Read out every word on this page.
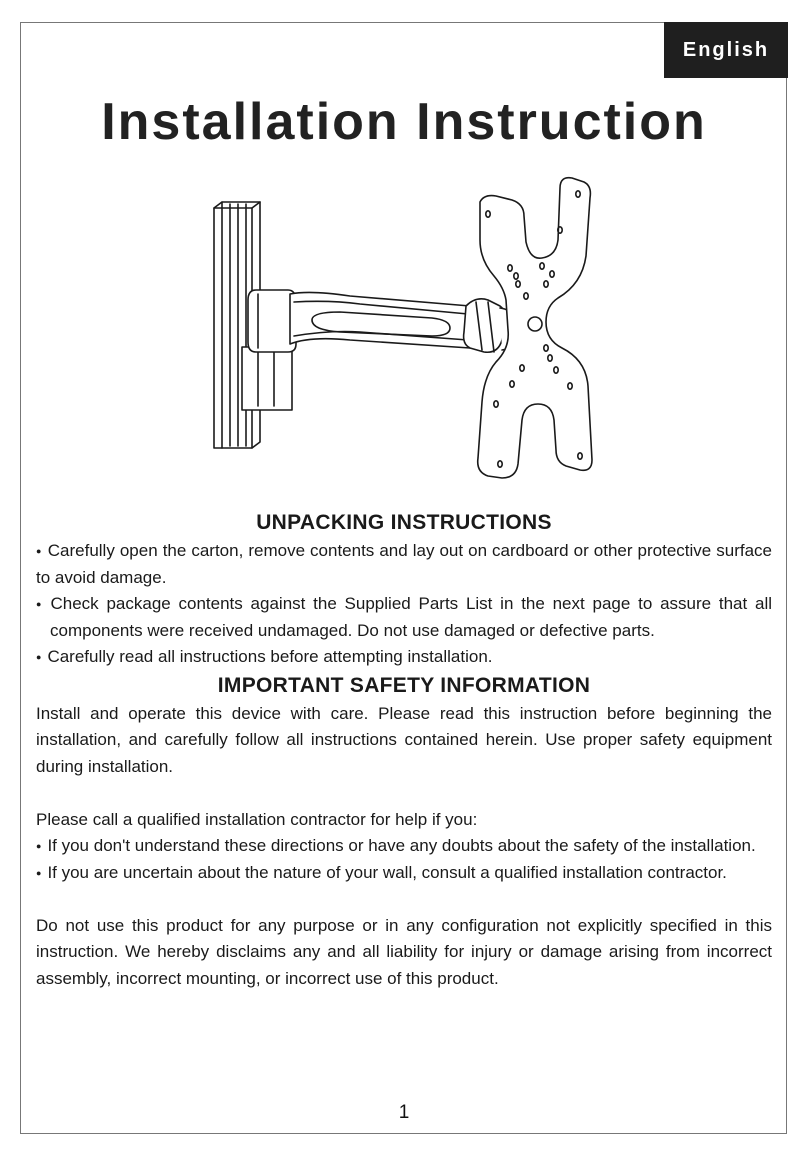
English
Installation Instruction
UNPACKING INSTRUCTIONS

● Carefully open the carton, remove contents and lay out on cardboard or other protective surface to avoid damage.

● Check package contents against the Supplied Parts List in the next page to assure that all components were received undamaged. Do not use damaged or defective parts.

● Carefully read all instructions before attempting installation.

IMPORTANT SAFETY INFORMATION

Install and operate this device with care. Please read this instruction before beginning the installation, and carefully follow all instructions contained herein. Use proper safety equipment during installation.

Please call a qualified installation contractor for help if you:

● If you don't understand these directions or have any doubts about the safety of the installation.

● If you are uncertain about the nature of your wall, consult a qualified installation contractor.

Do not use this product for any purpose or in any configuration not explicitly specified in this instruction. We hereby disclaims any and all liability for injury or damage arising from incorrect assembly, incorrect mounting, or incorrect use of this product.

1
